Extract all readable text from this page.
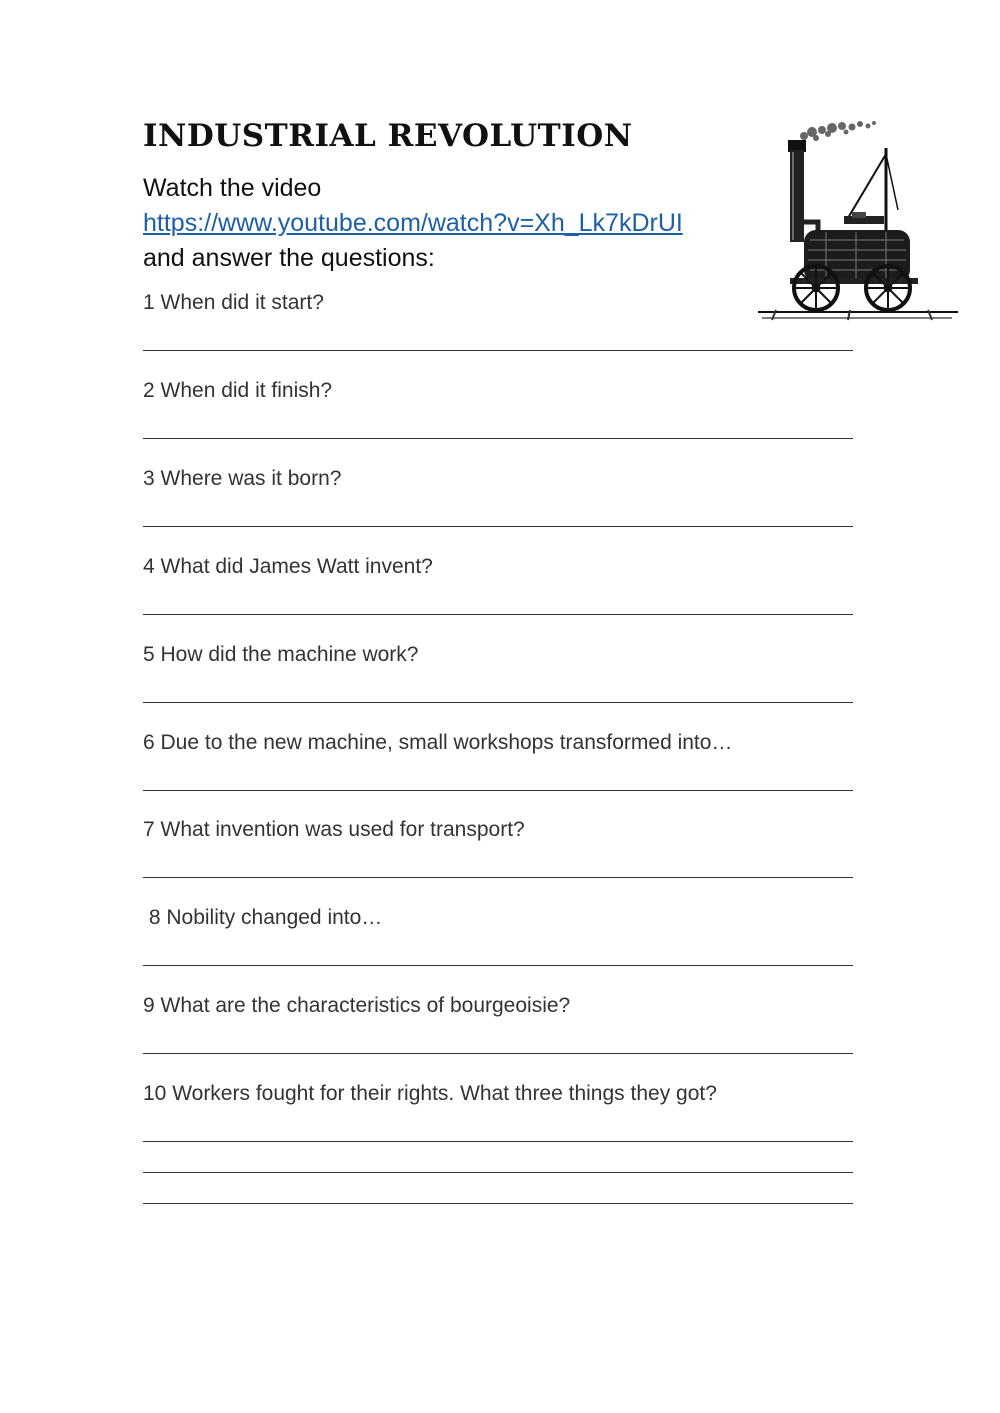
INDUSTRIAL REVOLUTION
Watch the video
https://www.youtube.com/watch?v=Xh_Lk7kDrUI
and answer the questions:

1 When did it start?

2 When did it finish?

3 Where was it born?

4 What did James Watt invent?

5 How did the machine work?

6 Due to the new machine, small workshops transformed into…

7 What invention was used for transport?

8 Nobility changed into…

9 What are the characteristics of bourgeoisie?

10 Workers fought for their rights. What three things they got?
